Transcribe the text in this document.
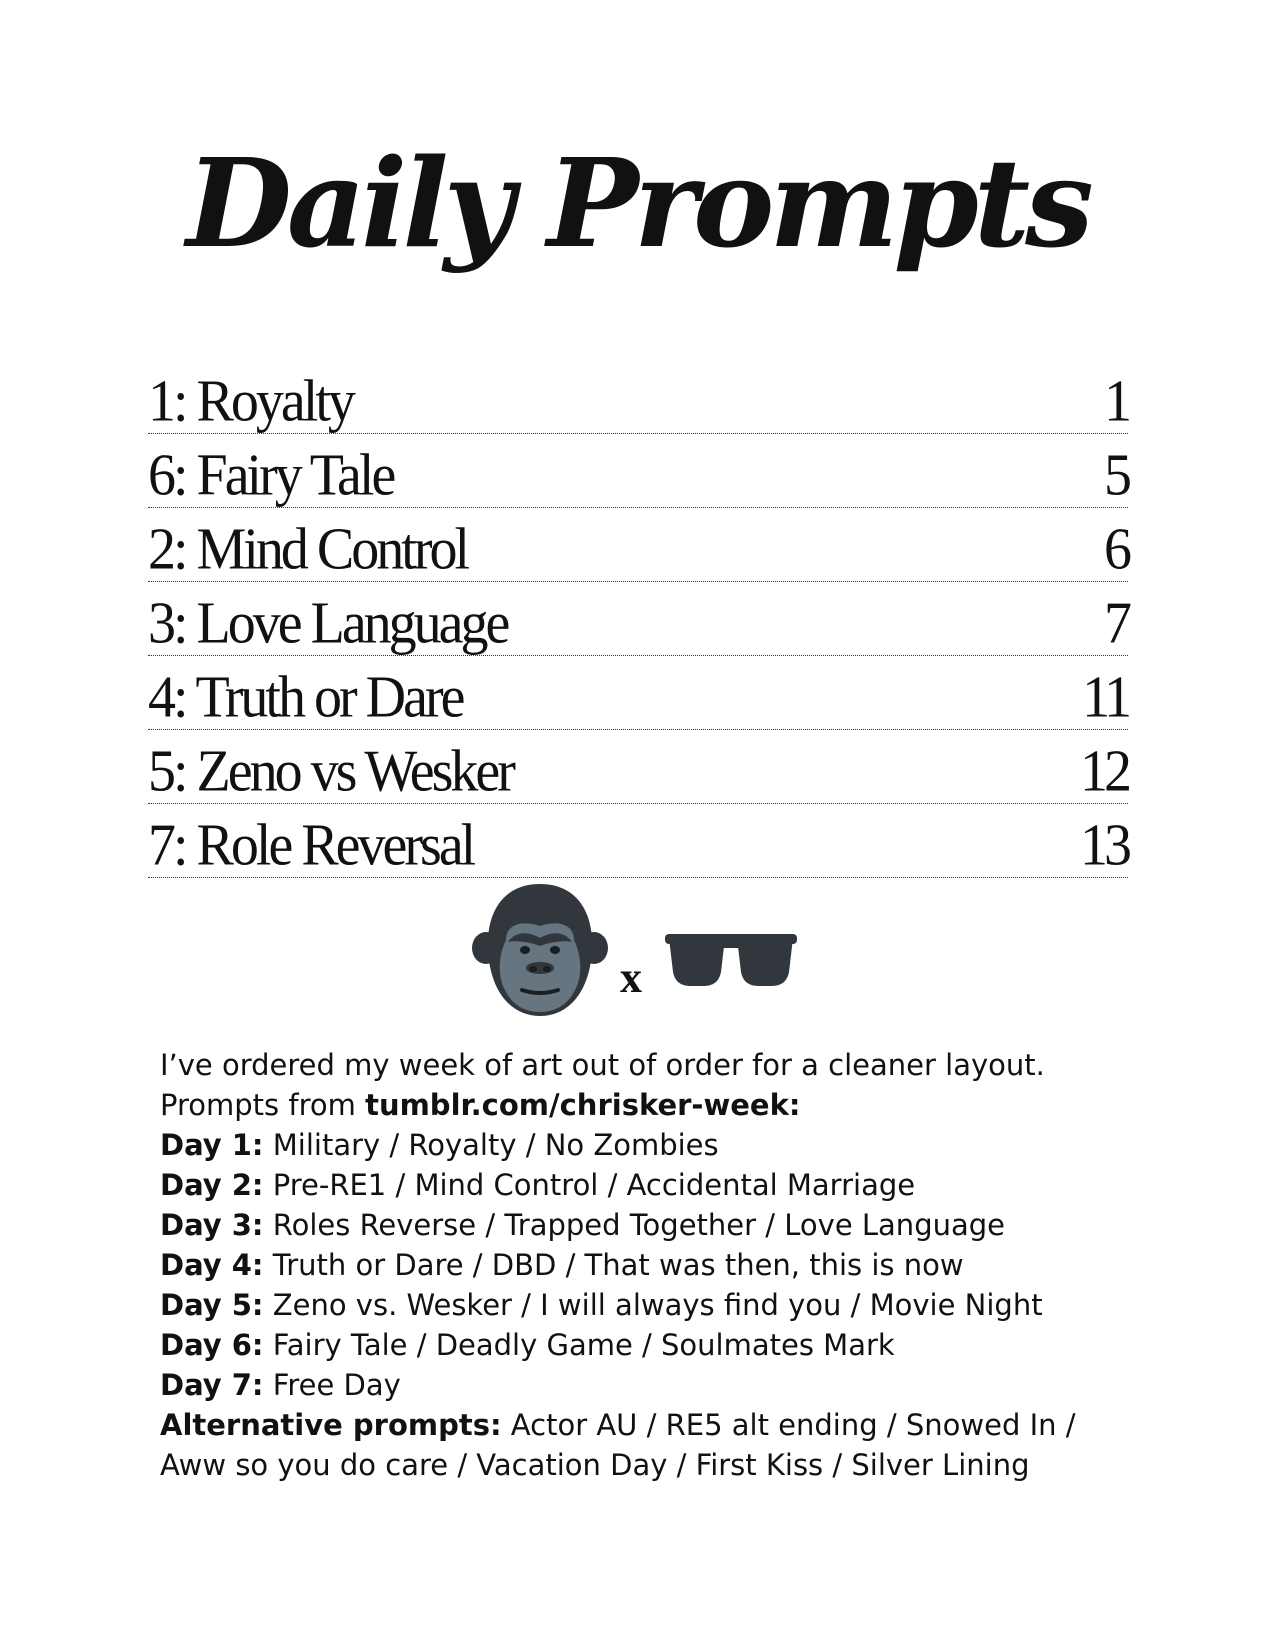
Daily Prompts
1: Royalty	1
6: Fairy Tale	5
2: Mind Control	6
3: Love Language	7
4: Truth or Dare	11
5: Zeno vs Wesker	12
7: Role Reversal	13
x

I’ve ordered my week of art out of order for a cleaner layout.

Prompts from tumblr.com/chrisker-week:

Day 1: Military / Royalty / No Zombies

Day 2: Pre-RE1 / Mind Control / Accidental Marriage

Day 3: Roles Reverse / Trapped Together / Love Language

Day 4: Truth or Dare / DBD / That was then, this is now

Day 5: Zeno vs. Wesker / I will always find you / Movie Night

Day 6: Fairy Tale / Deadly Game / Soulmates Mark

Day 7: Free Day

Alternative prompts: Actor AU / RE5 alt ending / Snowed In /

Aww so you do care / Vacation Day / First Kiss / Silver Lining
